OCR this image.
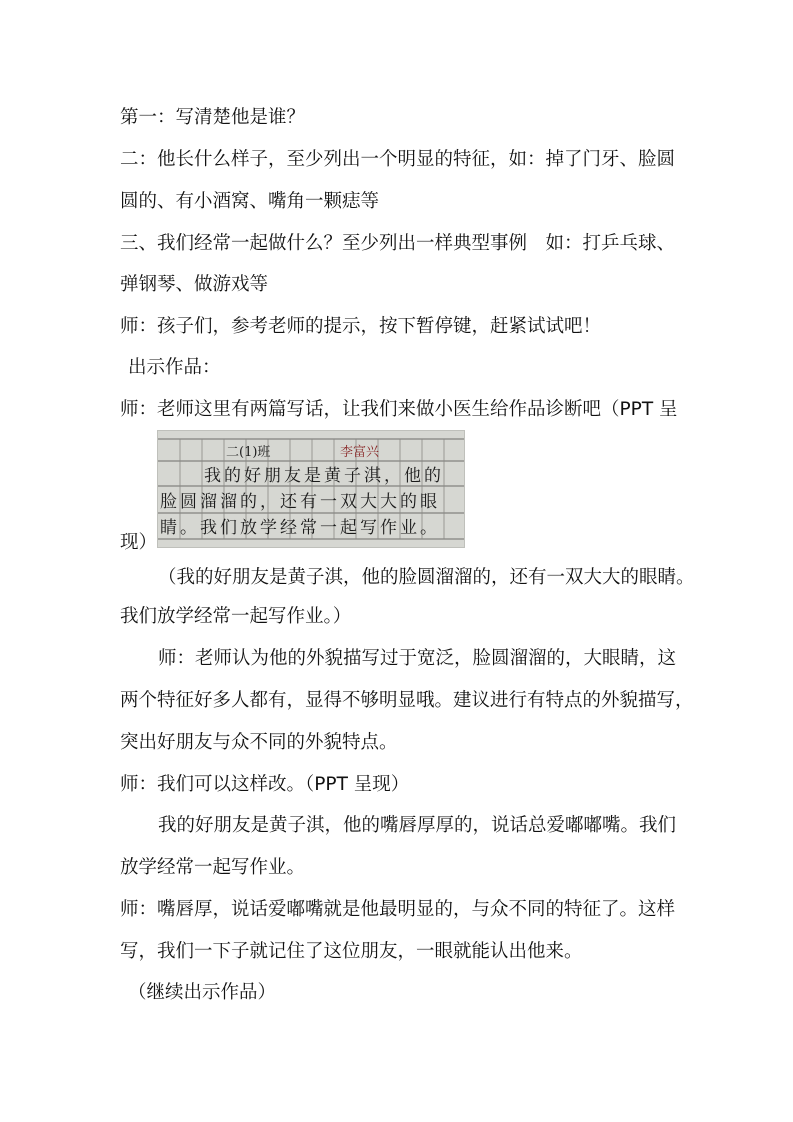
第一：写清楚他是谁？
二：他长什么样子，至少列出一个明显的特征，如：掉了门牙、脸圆
圆的、有小酒窝、嘴角一颗痣等
三、我们经常一起做什么？至少列出一样典型事例　如：打乒乓球、
弹钢琴、做游戏等
师：孩子们，参考老师的提示，按下暂停键，赶紧试试吧！
出示作品：
师：老师这里有两篇写话，让我们来做小医生给作品诊断吧（PPT 呈
二(1)班	李富兴
我的好朋友是黄子淇，他的
脸圆溜溜的，还有一双大大的眼
睛。我们放学经常一起写作业。
现）
（我的好朋友是黄子淇，他的脸圆溜溜的，还有一双大大的眼睛。
我们放学经常一起写作业。）
师：老师认为他的外貌描写过于宽泛，脸圆溜溜的，大眼睛，这
两个特征好多人都有，显得不够明显哦。建议进行有特点的外貌描写，
突出好朋友与众不同的外貌特点。
师：我们可以这样改。（PPT 呈现）
我的好朋友是黄子淇，他的嘴唇厚厚的，说话总爱嘟嘟嘴。我们
放学经常一起写作业。
师：嘴唇厚，说话爱嘟嘴就是他最明显的，与众不同的特征了。这样
写，我们一下子就记住了这位朋友，一眼就能认出他来。
（继续出示作品）
